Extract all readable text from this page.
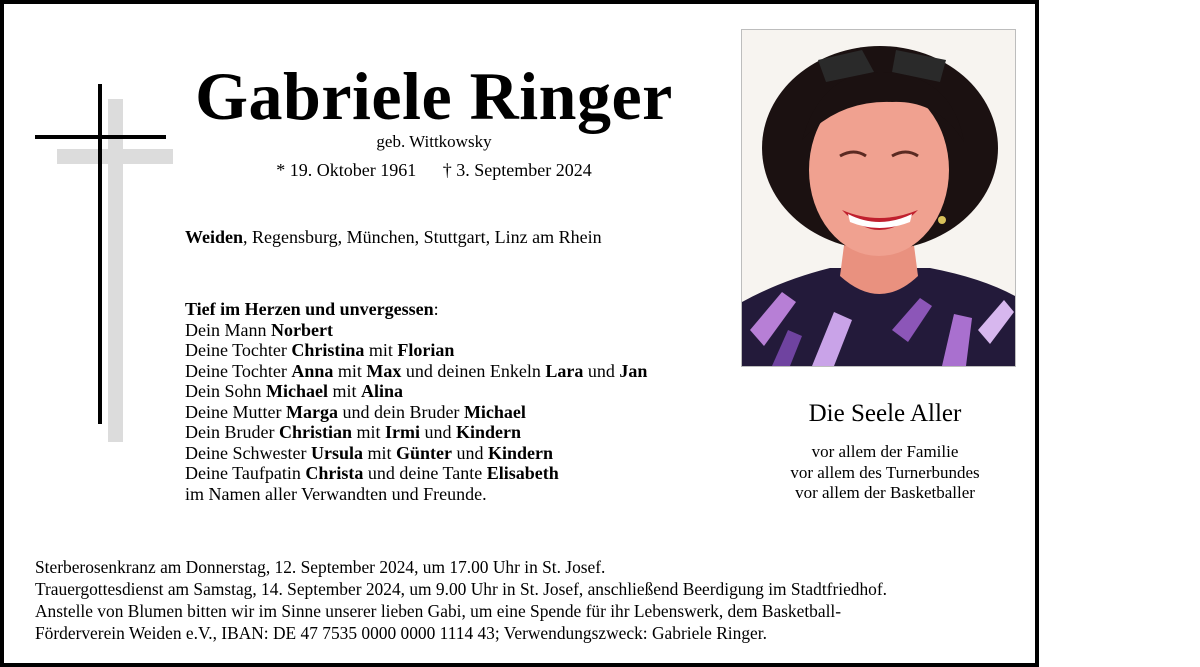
Gabriele Ringer
geb. Wittkowsky
* 19. Oktober 1961 † 3. September 2024
Weiden, Regensburg, München, Stuttgart, Linz am Rhein
Tief im Herzen und unvergessen:
Dein Mann Norbert
Deine Tochter Christina mit Florian
Deine Tochter Anna mit Max und deinen Enkeln Lara und Jan
Dein Sohn Michael mit Alina
Deine Mutter Marga und dein Bruder Michael
Dein Bruder Christian mit Irmi und Kindern
Deine Schwester Ursula mit Günter und Kindern
Deine Taufpatin Christa und deine Tante Elisabeth
im Namen aller Verwandten und Freunde.
Die Seele Aller
vor allem der Familie
vor allem des Turnerbundes
vor allem der Basketballer
Sterberosenkranz am Donnerstag, 12. September 2024, um 17.00 Uhr in St. Josef.
Trauergottesdienst am Samstag, 14. September 2024, um 9.00 Uhr in St. Josef, anschließend Beerdigung im Stadtfriedhof.
Anstelle von Blumen bitten wir im Sinne unserer lieben Gabi, um eine Spende für ihr Lebenswerk, dem Basketball-
Förderverein Weiden e.V., IBAN: DE 47 7535 0000 0000 1114 43; Verwendungszweck: Gabriele Ringer.
